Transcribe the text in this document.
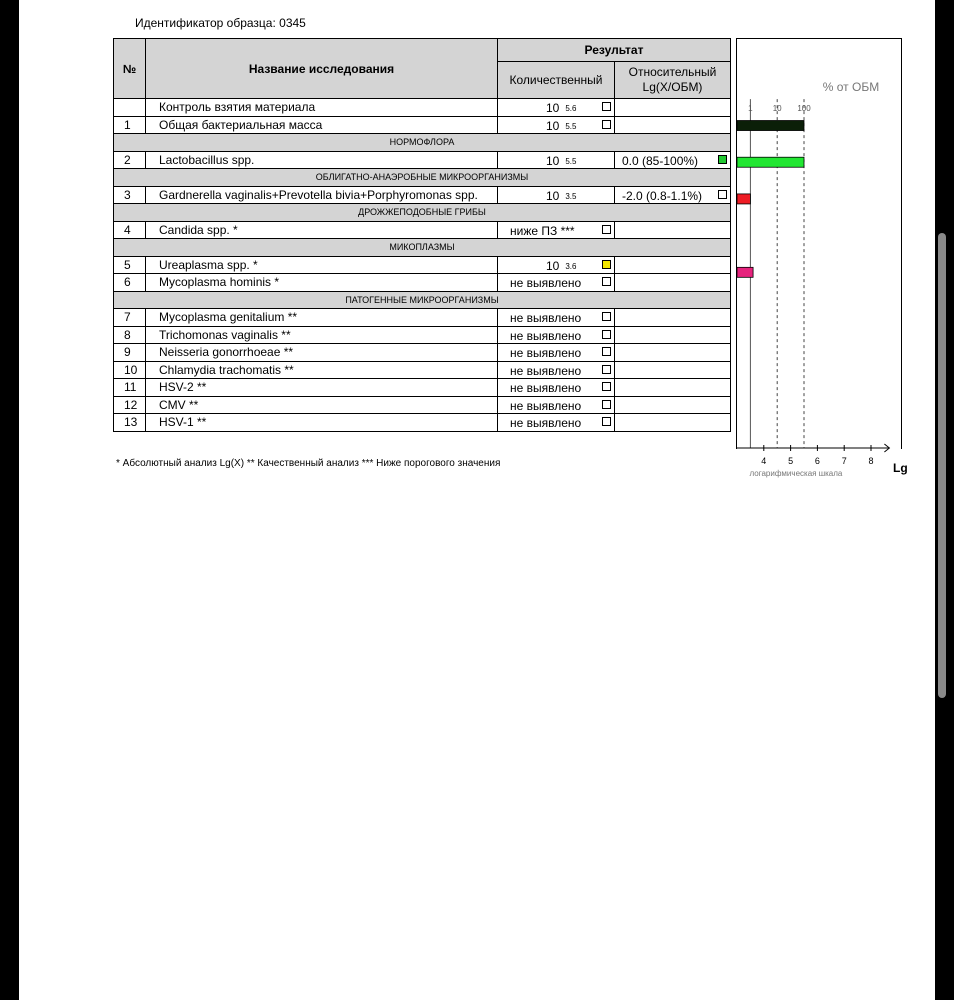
Идентификатор образца: 0345
№	Название исследования	Результат	
		Количественный	Относительный Lg(X/ОБМ)
	Контроль взятия материала	10 $^{5.6}$

1	Общая бактериальная масса	10 $^{5.5}$

НОРМОФЛОРА			
2	Lactobacillus spp.	10 $^{5.5}$	0.0 (85-100%)

ОБЛИГАТНО-АНАЭРОБНЫЕ МИКРООРГАНИЗМЫ			
3	Gardnerella vaginalis+Prevotella bivia+Porphyromonas spp.	10 $^{3.5}$	-2.0 (0.8-1.1%)

ДРОЖЖЕПОДОБНЫЕ ГРИБЫ			
4	Candida spp. *	ниже ПЗ ***	

МИКОПЛАЗМЫ			
5	Ureaplasma spp. *	10 $^{3.6}$

6	Mycoplasma hominis *	не выявлено	

ПАТОГЕННЫЕ МИКРООРГАНИЗМЫ			
7	Mycoplasma genitalium **	не выявлено	

8	Trichomonas vaginalis **	не выявлено	

9	Neisseria gonorrhoeae **	не выявлено	

10	Chlamydia trachomatis **	не выявлено	

11	HSV-2 **	не выявлено	

12	CMV **	не выявлено	

13	HSV-1 **	не выявлено	

% от ОБМ
1	10 100
4 5 6 7 8 Lg
логарифмическая шкала
* Абсолютный анализ Lg(X) ** Качественный анализ *** Ниже порогового значения
